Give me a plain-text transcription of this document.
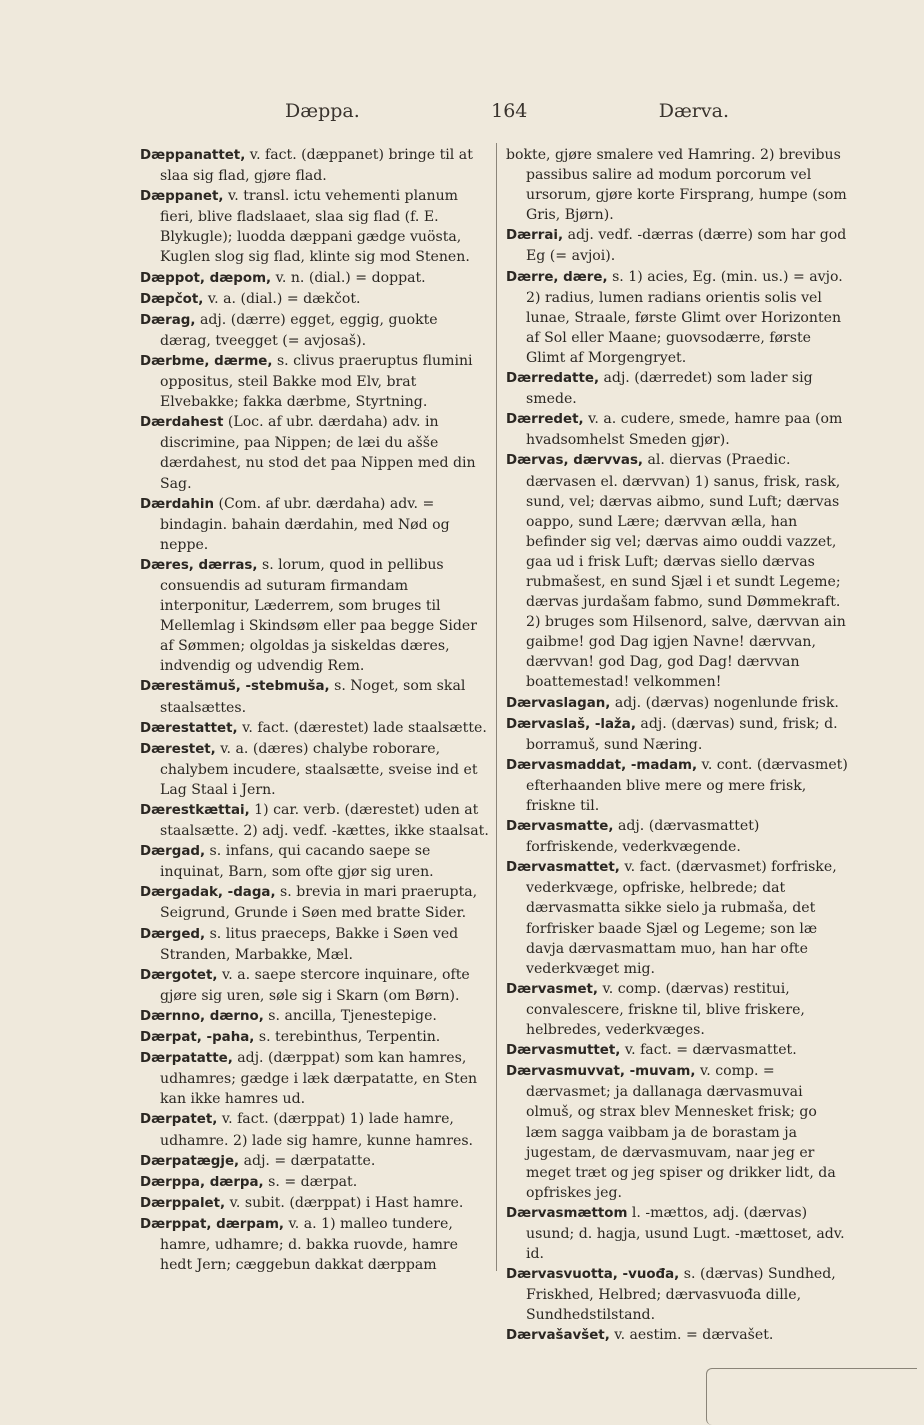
Dæppa.	164	Dærva.
Dæppanattet, v. fact. (dæppanet) bringe til at slaa sig flad, gjøre flad.
Dæppanet, v. transl. ictu vehementi planum fieri, blive fladslaaet, slaa sig flad (f. E. Blykugle); luodda dæppani gædge vuösta, Kuglen slog sig flad, klinte sig mod Stenen.
Dæppot, dæpom, v. n. (dial.) = doppat.
Dæpčot, v. a. (dial.) = dækčot.
Dærag, adj. (dærre) egget, eggig, guokte dærag, tveegget (= avjosaš).
Dærbme, dærme, s. clivus praeruptus flumini oppositus, steil Bakke mod Elv, brat Elvebakke; fakka dærbme, Styrtning.
Dærdahest (Loc. af ubr. dærdaha) adv. in discrimine, paa Nippen; de læi du ašše dærdahest, nu stod det paa Nippen med din Sag.
Dærdahin (Com. af ubr. dærdaha) adv. = bindagin. bahain dærdahin, med Nød og neppe.
Dæres, dærras, s. lorum, quod in pellibus consuendis ad suturam firmandam interponitur, Læderrem, som bruges til Mellemlag i Skindsøm eller paa begge Sider af Sømmen; olgoldas ja siskeldas dæres, indvendig og udvendig Rem.
Dærestämuš, -stebmuša, s. Noget, som skal staalsættes.
Dærestattet, v. fact. (dærestet) lade staalsætte.
Dærestet, v. a. (dæres) chalybe roborare, chalybem incudere, staalsætte, sveise ind et Lag Staal i Jern.
Dærestkættai, 1) car. verb. (dærestet) uden at staalsætte. 2) adj. vedf. -kættes, ikke staalsat.
Dærgad, s. infans, qui cacando saepe se inquinat, Barn, som ofte gjør sig uren.
Dærgadak, -daga, s. brevia in mari praerupta, Seigrund, Grunde i Søen med bratte Sider.
Dærged, s. litus praeceps, Bakke i Søen ved Stranden, Marbakke, Mæl.
Dærgotet, v. a. saepe stercore inquinare, ofte gjøre sig uren, søle sig i Skarn (om Børn).
Dærnno, dærno, s. ancilla, Tjenestepige.
Dærpat, -paha, s. terebinthus, Terpentin.
Dærpatatte, adj. (dærppat) som kan hamres, udhamres; gædge i læk dærpatatte, en Sten kan ikke hamres ud.
Dærpatet, v. fact. (dærppat) 1) lade hamre, udhamre. 2) lade sig hamre, kunne hamres.
Dærpatægje, adj. = dærpatatte.
Dærppa, dærpa, s. = dærpat.
Dærppalet, v. subit. (dærppat) i Hast hamre.
Dærppat, dærpam, v. a. 1) malleo tundere, hamre, udhamre; d. bakka ruovde, hamre hedt Jern; cæggebun dakkat dærppam
bokte, gjøre smalere ved Hamring. 2) brevibus passibus salire ad modum porcorum vel ursorum, gjøre korte Firsprang, humpe (som Gris, Bjørn).
Dærrai, adj. vedf. -dærras (dærre) som har god Eg (= avjoi).
Dærre, dære, s. 1) acies, Eg. (min. us.) = avjo. 2) radius, lumen radians orientis solis vel lunae, Straale, første Glimt over Horizonten af Sol eller Maane; guovsodærre, første Glimt af Morgengryet.
Dærredatte, adj. (dærredet) som lader sig smede.
Dærredet, v. a. cudere, smede, hamre paa (om hvadsomhelst Smeden gjør).
Dærvas, dærvvas, al. diervas (Praedic. dærvasen el. dærvvan) 1) sanus, frisk, rask, sund, vel; dærvas aibmo, sund Luft; dærvas oappo, sund Lære; dærvvan ælla, han befinder sig vel; dærvas aimo ouddi vazzet, gaa ud i frisk Luft; dærvas siello dærvas rubmašest, en sund Sjæl i et sundt Legeme; dærvas jurdašam fabmo, sund Dømmekraft. 2) bruges som Hilsenord, salve, dærvvan ain gaibme! god Dag igjen Navne! dærvvan, dærvvan! god Dag, god Dag! dærvvan boattemestad! velkommen!
Dærvaslagan, adj. (dærvas) nogenlunde frisk.
Dærvaslaš, -laža, adj. (dærvas) sund, frisk; d. borramuš, sund Næring.
Dærvasmaddat, -madam, v. cont. (dærvasmet) efterhaanden blive mere og mere frisk, friskne til.
Dærvasmatte, adj. (dærvasmattet) forfriskende, vederkvægende.
Dærvasmattet, v. fact. (dærvasmet) forfriske, vederkvæge, opfriske, helbrede; dat dærvasmatta sikke sielo ja rubmaša, det forfrisker baade Sjæl og Legeme; son læ davja dærvasmattam muo, han har ofte vederkvæget mig.
Dærvasmet, v. comp. (dærvas) restitui, convalescere, friskne til, blive friskere, helbredes, vederkvæges.
Dærvasmuttet, v. fact. = dærvasmattet.
Dærvasmuvvat, -muvam, v. comp. = dærvasmet; ja dallanaga dærvasmuvai olmuš, og strax blev Mennesket frisk; go læm sagga vaibbam ja de borastam ja jugestam, de dærvasmuvam, naar jeg er meget træt og jeg spiser og drikker lidt, da opfriskes jeg.
Dærvasmættom l. -mættos, adj. (dærvas) usund; d. hagja, usund Lugt. -mættoset, adv. id.
Dærvasvuotta, -vuođa, s. (dærvas) Sundhed, Friskhed, Helbred; dærvasvuođa dille, Sundhedstilstand.
Dærvašavšet, v. aestim. = dærvašet.
